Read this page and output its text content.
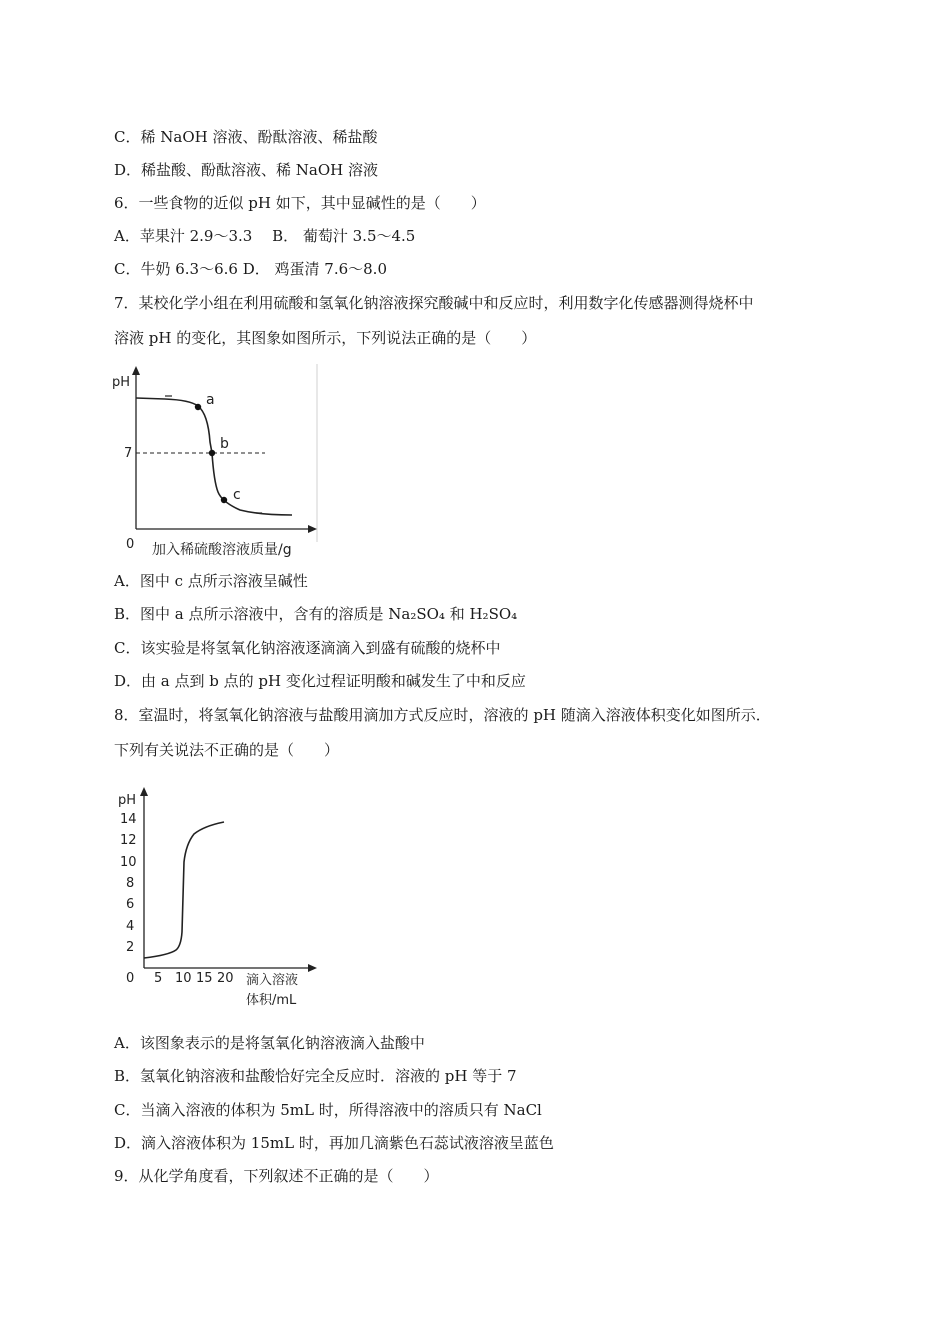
C．稀 NaOH 溶液、酚酞溶液、稀盐酸
D．稀盐酸、酚酞溶液、稀 NaOH 溶液
6．一些食物的近似 pH 如下，其中显碱性的是（　　）
A．苹果汁 2.9～3.3　 B． 葡萄汁 3.5～4.5
C．牛奶 6.3～6.6 D． 鸡蛋清 7.6～8.0
7．某校化学小组在利用硫酸和氢氧化钠溶液探究酸碱中和反应时，利用数字化传感器测得烧杯中
溶液 pH 的变化，其图象如图所示，下列说法正确的是（　　）
pH
0
7
a
b
c
加入稀硫酸溶液质量/g
A．图中 c 点所示溶液呈碱性
B．图中 a 点所示溶液中，含有的溶质是 Na₂SO₄ 和 H₂SO₄
C．该实验是将氢氧化钠溶液逐滴滴入到盛有硫酸的烧杯中
D．由 a 点到 b 点的 pH 变化过程证明酸和碱发生了中和反应
8．室温时，将氢氧化钠溶液与盐酸用滴加方式反应时，溶液的 pH 随滴入溶液体积变化如图所示．
下列有关说法不正确的是（　　）
pH
14
12
10
8
6
4
2
0 5 10 15 20 滴入溶液
体积/mL
A．该图象表示的是将氢氧化钠溶液滴入盐酸中
B．氢氧化钠溶液和盐酸恰好完全反应时．溶液的 pH 等于 7
C．当滴入溶液的体积为 5mL 时，所得溶液中的溶质只有 NaCl
D．滴入溶液体积为 15mL 时，再加几滴紫色石蕊试液溶液呈蓝色
9．从化学角度看，下列叙述不正确的是（　　）
